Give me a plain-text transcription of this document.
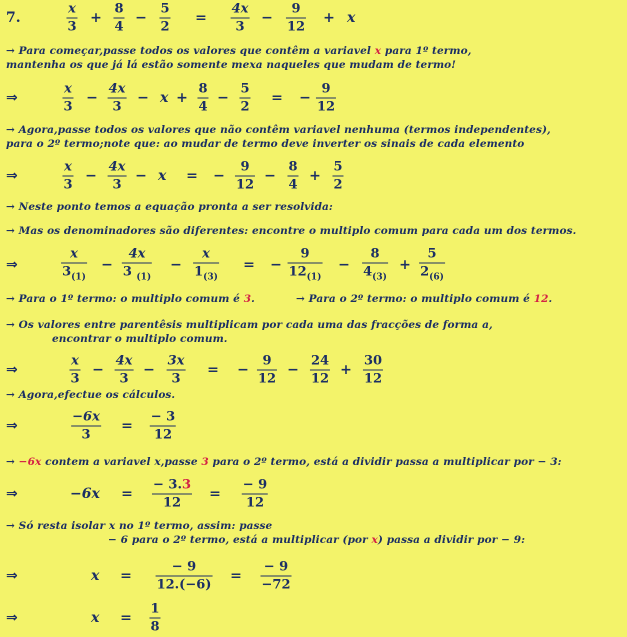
7.
x
3
+
8
4
−
5
2
=
4x
3
−
9
12
+ x
→ Para começar,passe todos os valores que contêm a variavel x para 1º termo,
mantenha os que já lá estão somente mexa naqueles que mudam de termo!
⇒
x
3
−
4x
3
− x +
8
4
−
5
2
= −
9
12
→ Agora,passe todos os valores que não contêm variavel nenhuma (termos independentes),
para o 2º termo;note que: ao mudar de termo deve inverter os sinais de cada elemento
⇒
x
3
−
4x
3
− x = −
9
12
−
8
4
+
5
2
→ Neste ponto temos a equação pronta a ser resolvida:
→ Mas os denominadores são diferentes: encontre o multiplo comum para cada um dos termos.
⇒
x
$3_{(1)}$
−
4x
3 $_{(1)}$
−
x
$1_{(3)}$
= −
9
$12_{(1)}$
−
8
$4_{(3)}$
+
5
$2_{(6)}$
→ Para o 1º termo: o multiplo comum é 3.	→ Para o 2º termo: o multiplo comum é 12.
→ Os valores entre parentêsis multiplicam por cada uma das fracções de forma a,
encontrar o multiplo comum.
⇒
x
3
−
4x
3
−
3x
3
= −
9
12
−
24
12
+
30
12
→ Agora,efectue os cálculos.
⇒
−6x
3
=
− 3
12
→ −6x contem a variavel x,passe 3 para o 2º termo, está a dividir passa a multiplicar por − 3:
⇒	−6x =
− 3.3
12
=
− 9
12
→ Só resta isolar x no 1º termo, assim: passe
− 6 para o 2º termo, está a multiplicar (por x) passa a dividir por − 9:
⇒	x =
− 9
12.(−6)
=
− 9
−72
⇒	x =
1
8
